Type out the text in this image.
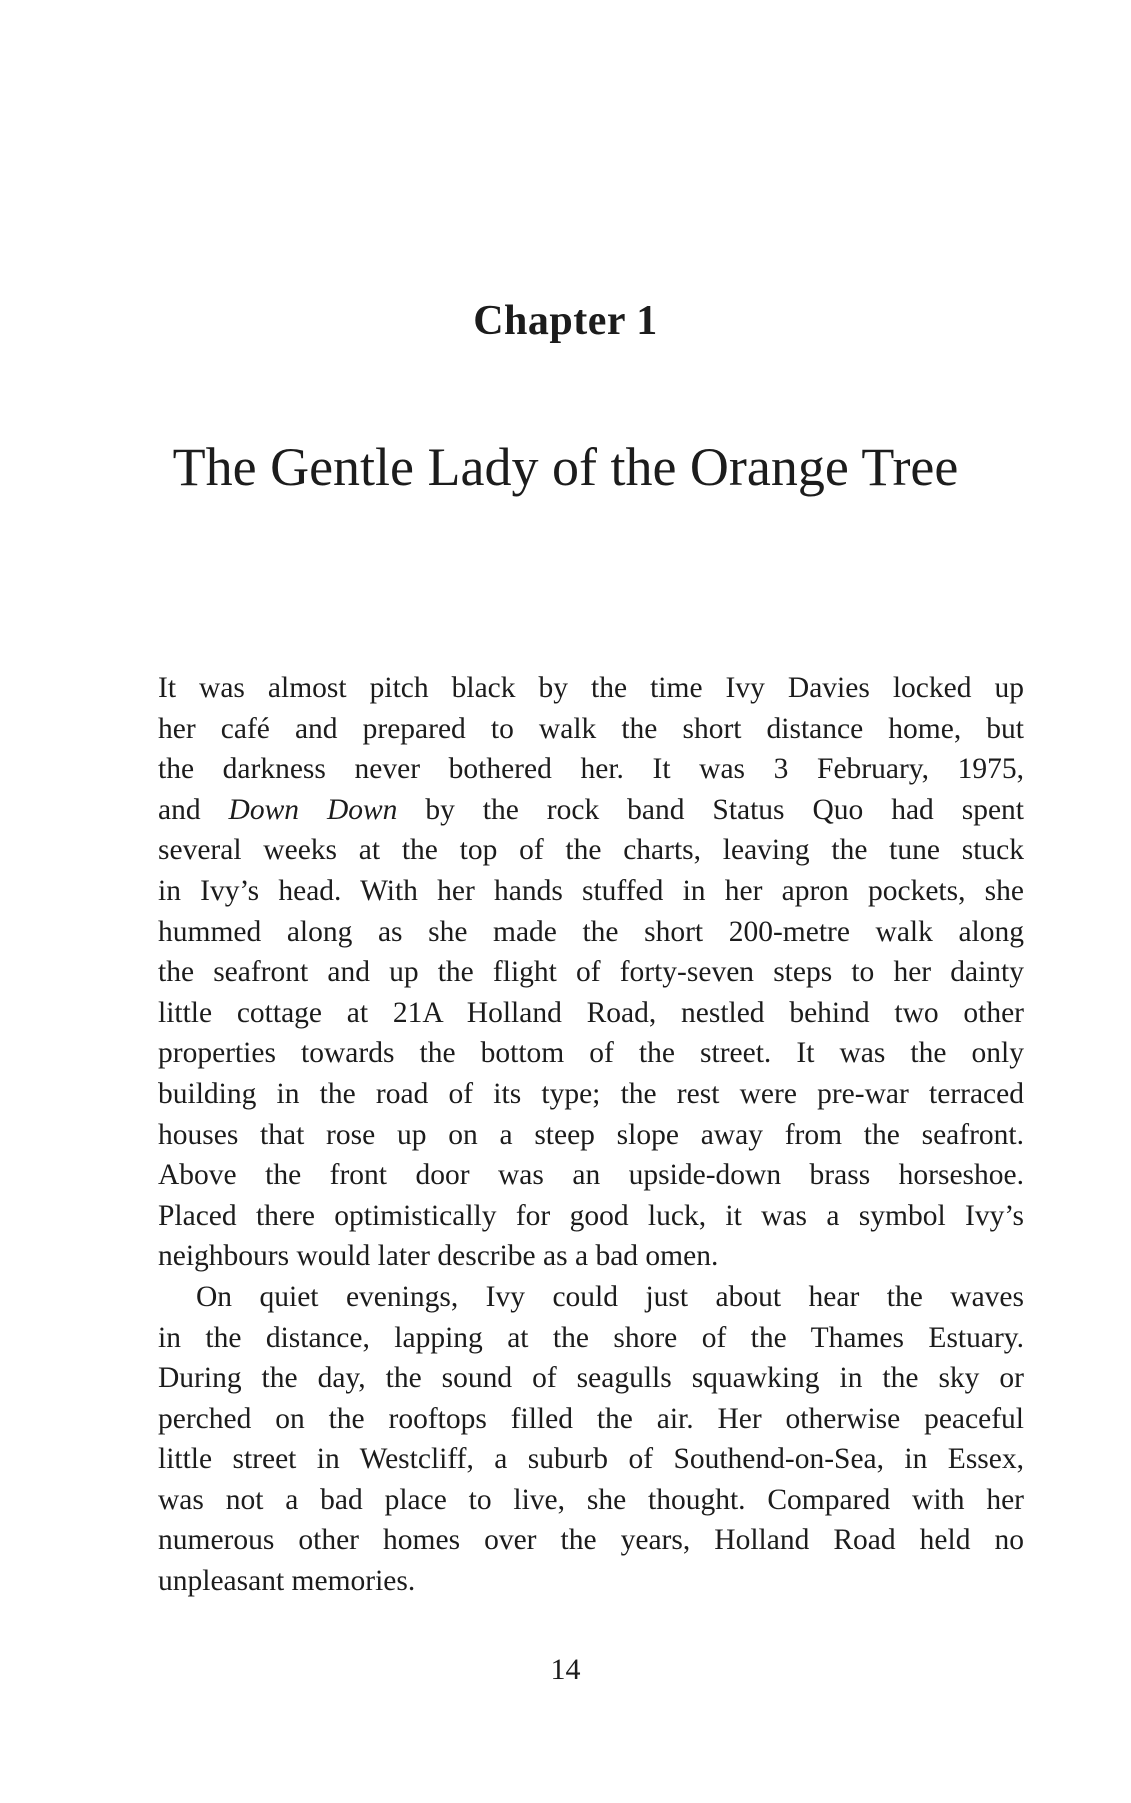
Chapter 1
The Gentle Lady of the Orange Tree

It was almost pitch black by the time Ivy Davies locked up
her café and prepared to walk the short distance home, but
the darkness never bothered her. It was 3 February, 1975,
and Down Down by the rock band Status Quo had spent
several weeks at the top of the charts, leaving the tune stuck
in Ivy’s head. With her hands stuffed in her apron pockets, she
hummed along as she made the short 200-metre walk along
the seafront and up the flight of forty-seven steps to her dainty
little cottage at 21A Holland Road, nestled behind two other
properties towards the bottom of the street. It was the only
building in the road of its type; the rest were pre-war terraced
houses that rose up on a steep slope away from the seafront.
Above the front door was an upside-down brass horseshoe.
Placed there optimistically for good luck, it was a symbol Ivy’s
neighbours would later describe as a bad omen.

On quiet evenings, Ivy could just about hear the waves
in the distance, lapping at the shore of the Thames Estuary.
During the day, the sound of seagulls squawking in the sky or
perched on the rooftops filled the air. Her otherwise peaceful
little street in Westcliff, a suburb of Southend-on-Sea, in Essex,
was not a bad place to live, she thought. Compared with her
numerous other homes over the years, Holland Road held no
unpleasant memories.

14
